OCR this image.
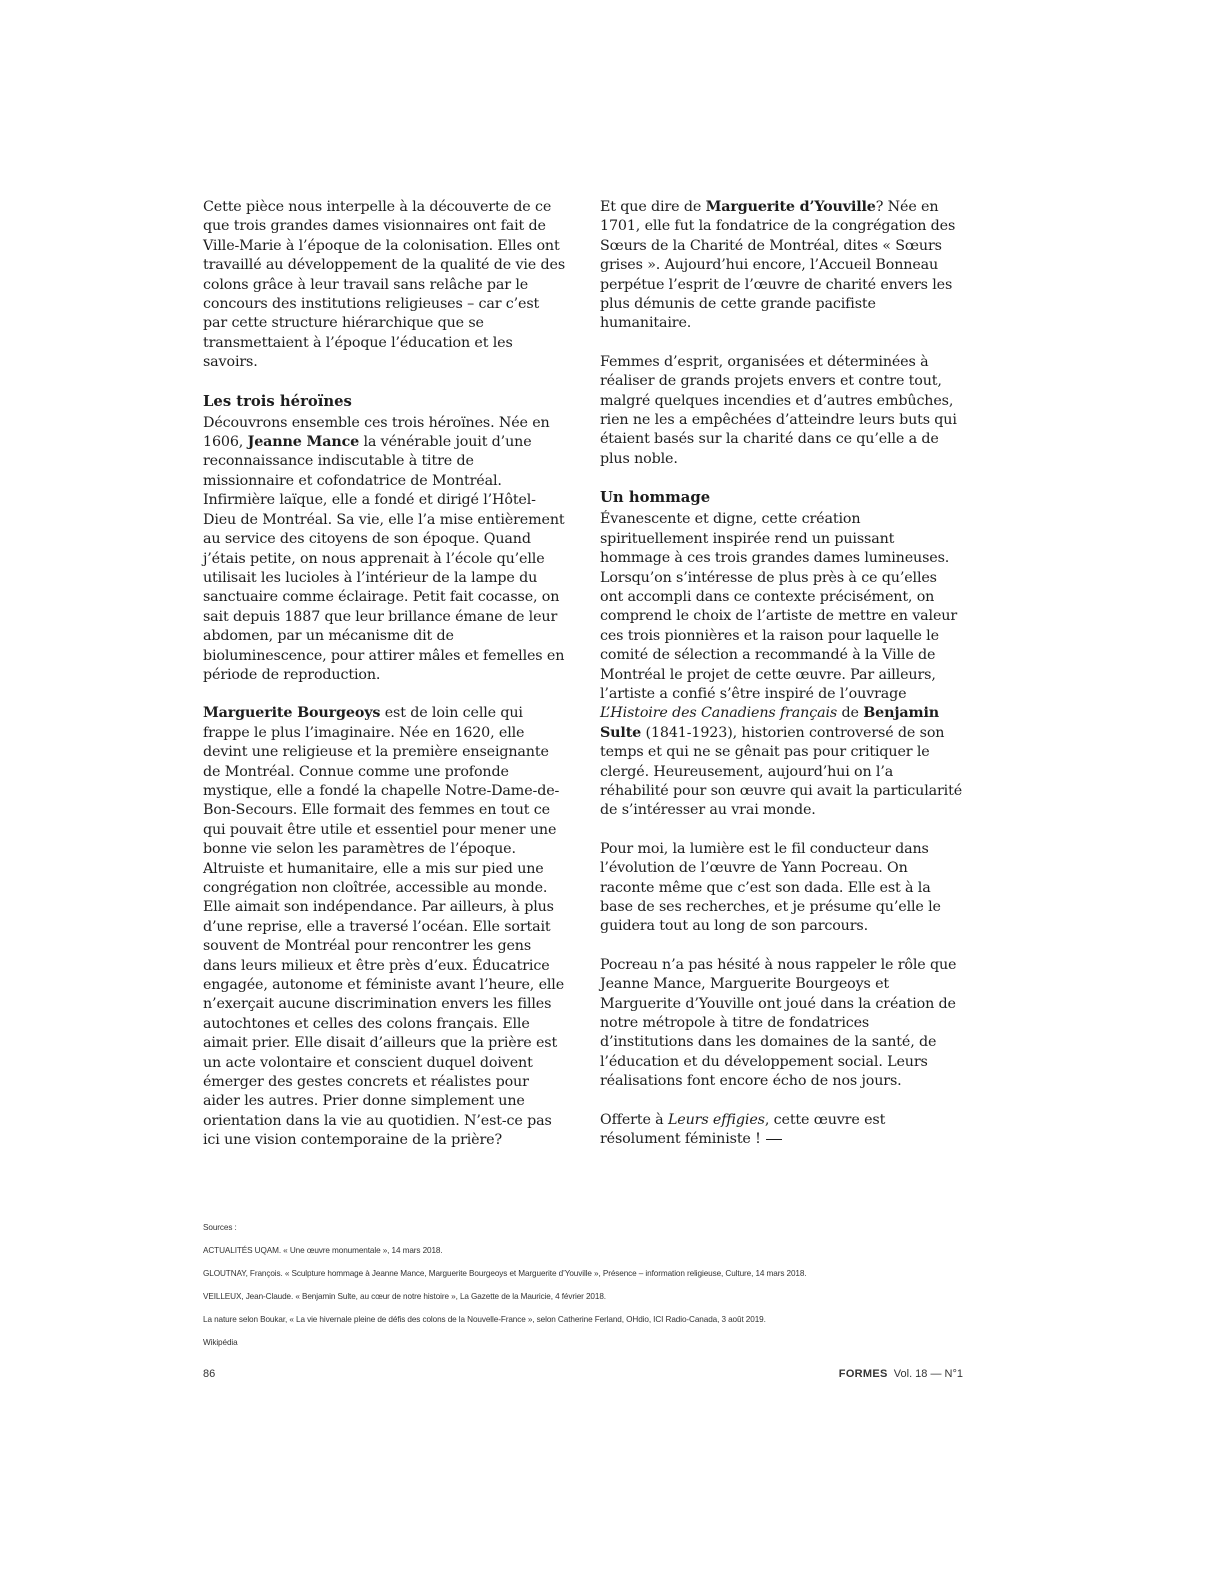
Cette pièce nous interpelle à la découverte de ce que trois grandes dames visionnaires ont fait de Ville-Marie à l’époque de la colonisation. Elles ont travaillé au développement de la qualité de vie des colons grâce à leur travail sans relâche par le concours des institutions religieuses – car c’est par cette structure hiérarchique que se transmettaient à l’époque l’éducation et les savoirs.

Les trois héroïnes

Découvrons ensemble ces trois héroïnes. Née en 1606, Jeanne Mance la vénérable jouit d’une reconnaissance indiscutable à titre de missionnaire et cofondatrice de Montréal. Infirmière laïque, elle a fondé et dirigé l’Hôtel-Dieu de Montréal. Sa vie, elle l’a mise entièrement au service des citoyens de son époque. Quand j’étais petite, on nous apprenait à l’école qu’elle utilisait les lucioles à l’intérieur de la lampe du sanctuaire comme éclairage. Petit fait cocasse, on sait depuis 1887 que leur brillance émane de leur abdomen, par un mécanisme dit de bioluminescence, pour attirer mâles et femelles en période de reproduction.

Marguerite Bourgeoys est de loin celle qui frappe le plus l’imaginaire. Née en 1620, elle devint une religieuse et la première enseignante de Montréal. Connue comme une profonde mystique, elle a fondé la chapelle Notre-Dame-de-Bon-Secours. Elle formait des femmes en tout ce qui pouvait être utile et essentiel pour mener une bonne vie selon les paramètres de l’époque. Altruiste et humanitaire, elle a mis sur pied une congrégation non cloîtrée, accessible au monde. Elle aimait son indépendance. Par ailleurs, à plus d’une reprise, elle a traversé l’océan. Elle sortait souvent de Montréal pour rencontrer les gens dans leurs milieux et être près d’eux. Éducatrice engagée, autonome et féministe avant l’heure, elle n’exerçait aucune discrimination envers les filles autochtones et celles des colons français. Elle aimait prier. Elle disait d’ailleurs que la prière est un acte volontaire et conscient duquel doivent émerger des gestes concrets et réalistes pour aider les autres. Prier donne simplement une orientation dans la vie au quotidien. N’est-ce pas ici une vision contemporaine de la prière?

Et que dire de Marguerite d’Youville? Née en 1701, elle fut la fondatrice de la congrégation des Sœurs de la Charité de Montréal, dites « Sœurs grises ». Aujourd’hui encore, l’Accueil Bonneau perpétue l’esprit de l’œuvre de charité envers les plus démunis de cette grande pacifiste humanitaire.

Femmes d’esprit, organisées et déterminées à réaliser de grands projets envers et contre tout, malgré quelques incendies et d’autres embûches, rien ne les a empêchées d’atteindre leurs buts qui étaient basés sur la charité dans ce qu’elle a de plus noble.

Un hommage

Évanescente et digne, cette création spirituellement inspirée rend un puissant hommage à ces trois grandes dames lumineuses. Lorsqu’on s’intéresse de plus près à ce qu’elles ont accompli dans ce contexte précisément, on comprend le choix de l’artiste de mettre en valeur ces trois pionnières et la raison pour laquelle le comité de sélection a recommandé à la Ville de Montréal le projet de cette œuvre. Par ailleurs, l’artiste a confié s’être inspiré de l’ouvrage L’Histoire des Canadiens français de Benjamin Sulte (1841-1923), historien controversé de son temps et qui ne se gênait pas pour critiquer le clergé. Heureusement, aujourd’hui on l’a réhabilité pour son œuvre qui avait la particularité de s’intéresser au vrai monde.

Pour moi, la lumière est le fil conducteur dans l’évolution de l’œuvre de Yann Pocreau. On raconte même que c’est son dada. Elle est à la base de ses recherches, et je présume qu’elle le guidera tout au long de son parcours.

Pocreau n’a pas hésité à nous rappeler le rôle que Jeanne Mance, Marguerite Bourgeoys et Marguerite d’Youville ont joué dans la création de notre métropole à titre de fondatrices d’institutions dans les domaines de la santé, de l’éducation et du développement social. Leurs réalisations font encore écho de nos jours.

Offerte à Leurs effigies, cette œuvre est résolument féministe !

Sources :
ACTUALITÉS UQAM. « Une œuvre monumentale », 14 mars 2018.
GLOUTNAY, François. « Sculpture hommage à Jeanne Mance, Marguerite Bourgeoys et Marguerite d’Youville », Présence – information religieuse, Culture, 14 mars 2018.
VEILLEUX, Jean-Claude. « Benjamin Sulte, au cœur de notre histoire », La Gazette de la Mauricie, 4 février 2018.
La nature selon Boukar, « La vie hivernale pleine de défis des colons de la Nouvelle-France », selon Catherine Ferland, OHdio, ICI Radio-Canada, 3 août 2019.
Wikipédia
86	FORMES Vol. 18 — N°1
